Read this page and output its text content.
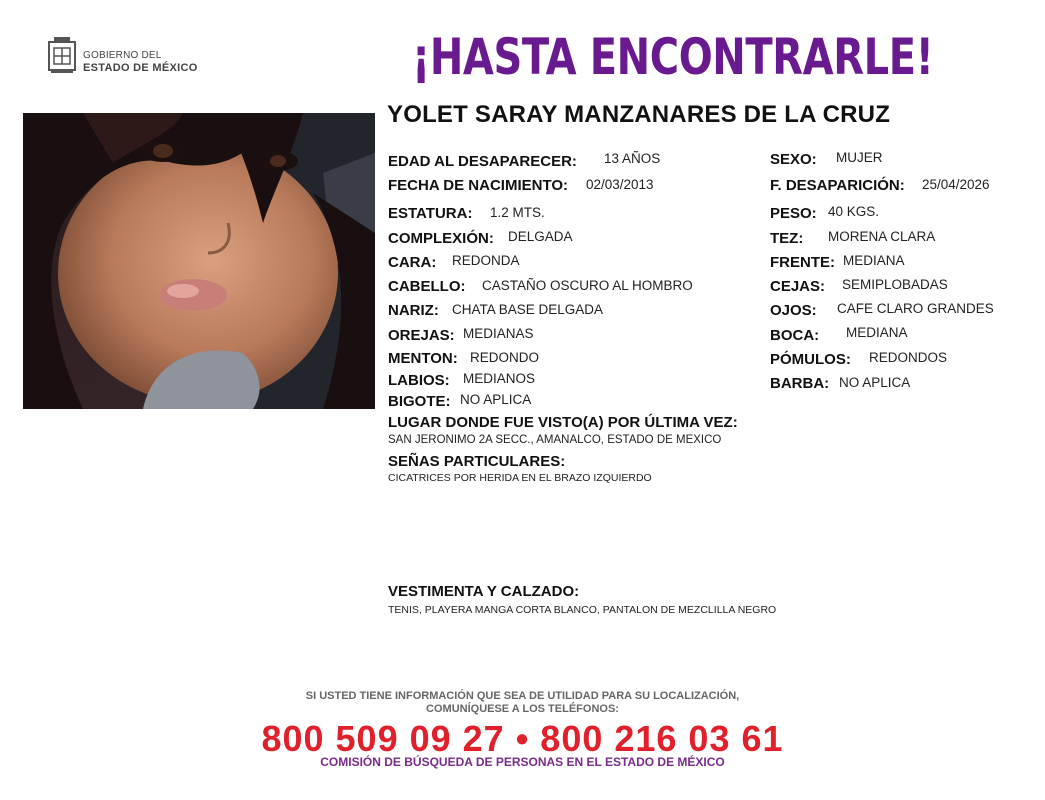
GOBIERNO DEL
ESTADO DE MÉXICO	¡HASTA ENCONTRARLE!
YOLET SARAY MANZANARES DE LA CRUZ
EDAD AL DESAPARECER: 13 AÑOS
FECHA DE NACIMIENTO: 02/03/2013
ESTATURA: 1.2 MTS.
COMPLEXIÓN: DELGADA
CARA: REDONDA
CABELLO: CASTAÑO OSCURO AL HOMBRO
NARIZ: CHATA BASE DELGADA
OREJAS: MEDIANAS
MENTON: REDONDO
LABIOS: MEDIANOS
BIGOTE: NO APLICA
SEXO: MUJER
F. DESAPARICIÓN: 25/04/2026
PESO: 40 KGS.
TEZ: MORENA CLARA
FRENTE: MEDIANA
CEJAS: SEMIPLOBADAS
OJOS: CAFE CLARO GRANDES
BOCA: MEDIANA
PÓMULOS: REDONDOS
BARBA: NO APLICA
LUGAR DONDE FUE VISTO(A) POR ÚLTIMA VEZ:
SAN JERONIMO 2A SECC., AMANALCO, ESTADO DE MEXICO
SEÑAS PARTICULARES:
CICATRICES POR HERIDA EN EL BRAZO IZQUIERDO
VESTIMENTA Y CALZADO:
TENIS, PLAYERA MANGA CORTA BLANCO, PANTALON DE MEZCLILLA NEGRO
SI USTED TIENE INFORMACIÓN QUE SEA DE UTILIDAD PARA SU LOCALIZACIÓN,
COMUNÍQUESE A LOS TELÉFONOS:
800 509 09 27 • 800 216 03 61
COMISIÓN DE BÚSQUEDA DE PERSONAS EN EL ESTADO DE MÉXICO
